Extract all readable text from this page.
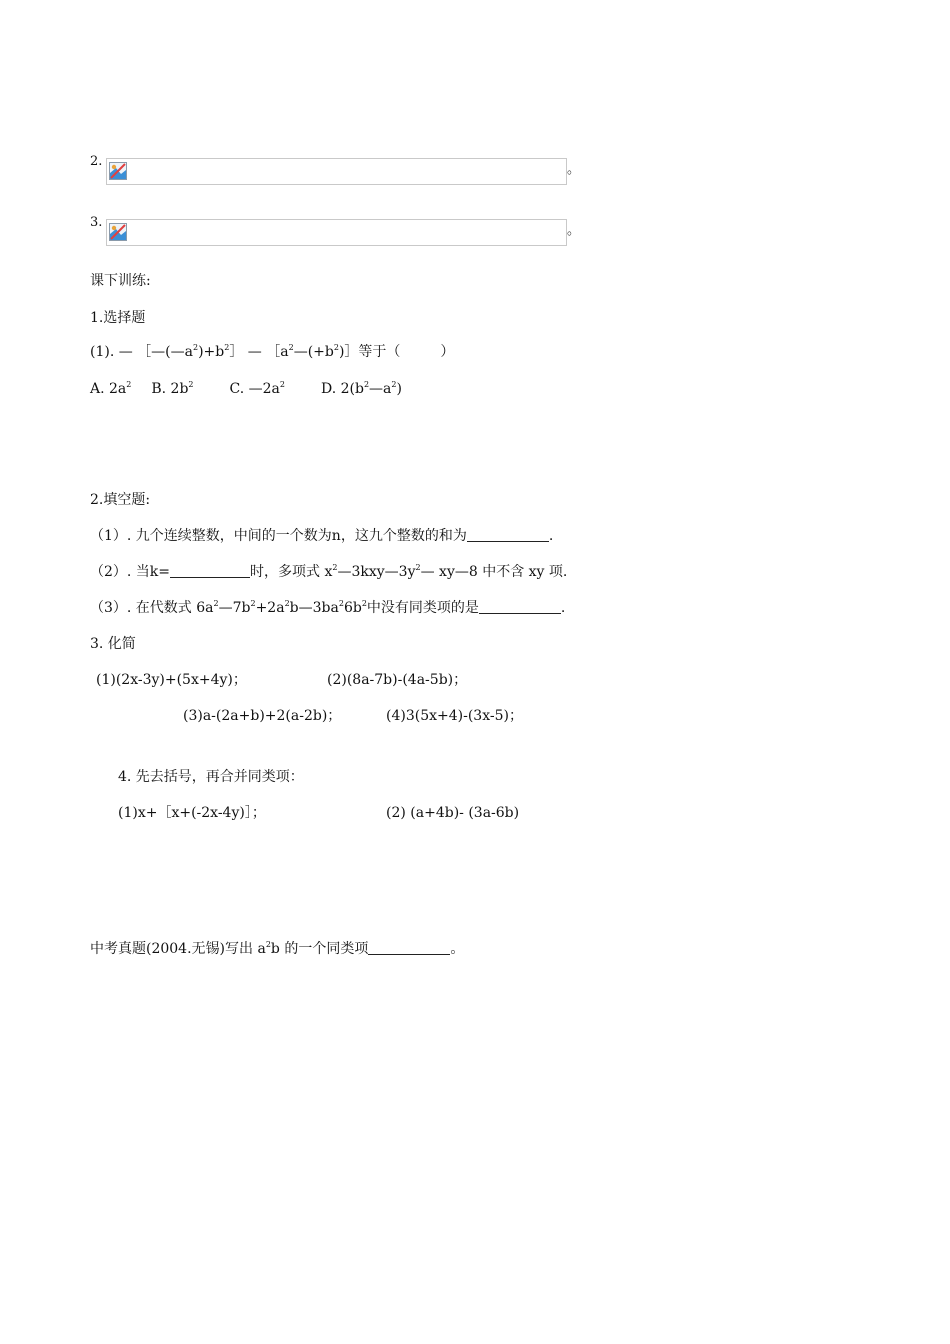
2.
。
3.
。
课下训练:
1.选择题
(1). — $[—(—a^2)+b^2]$ — $[a^2—(+b^2)]$等于（	）
A. $2a^2$ B. $2b^2$	C. $—2a^2$	D. $2(b^2—a^2)$
2.填空题:
（1）. 九个连续整数，中间的一个数为n，这九个整数的和为	.
（2）. 当k=	时，多项式 $x^2—3kxy—3y^2—$ xy—8 中不含 xy 项.
（3）. 在代数式 $6a^2—7b^2+2a^2b—3ba^26b^2$中没有同类项的是	.
3. 化简
(1)(2x-3y)+(5x+4y)；	(2)(8a-7b)-(4a-5b)；
(3)a-(2a+b)+2(a-2b)；	(4)3(5x+4)-(3x-5)；
4. 先去括号，再合并同类项：
(1)x+［x+(-2x-4y)］；	(2) (a+4b)- (3a-6b)
中考真题(2004.无锡)写出 $a^2b$ 的一个同类项	。
